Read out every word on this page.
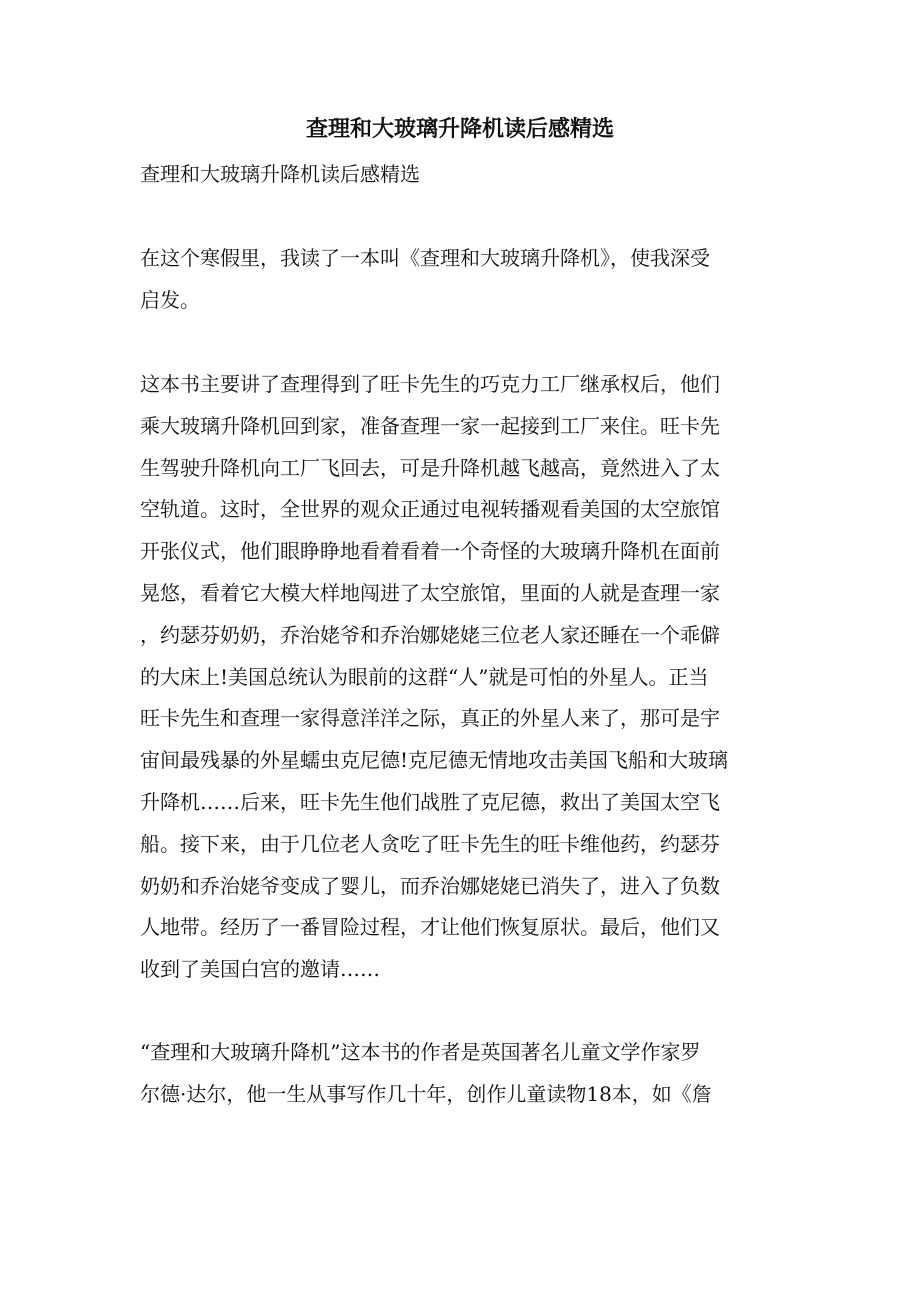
查理和大玻璃升降机读后感精选

查理和大玻璃升降机读后感精选

在这个寒假里，我读了一本叫《查理和大玻璃升降机》，使我深受
启发。
这本书主要讲了查理得到了旺卡先生的巧克力工厂继承权后，他们
乘大玻璃升降机回到家，准备查理一家一起接到工厂来住。旺卡先
生驾驶升降机向工厂飞回去，可是升降机越飞越高，竟然进入了太
空轨道。这时，全世界的观众正通过电视转播观看美国的太空旅馆
开张仪式，他们眼睁睁地看着看着一个奇怪的大玻璃升降机在面前
晃悠，看着它大模大样地闯进了太空旅馆，里面的人就是查理一家
，约瑟芬奶奶，乔治姥爷和乔治娜姥姥三位老人家还睡在一个乖僻
的大床上!美国总统认为眼前的这群“人”就是可怕的外星人。正当
旺卡先生和查理一家得意洋洋之际，真正的外星人来了，那可是宇
宙间最残暴的外星蠕虫克尼德!克尼德无情地攻击美国飞船和大玻璃
升降机……后来，旺卡先生他们战胜了克尼德，救出了美国太空飞
船。接下来，由于几位老人贪吃了旺卡先生的旺卡维他药，约瑟芬
奶奶和乔治姥爷变成了婴儿，而乔治娜姥姥已消失了，进入了负数
人地带。经历了一番冒险过程，才让他们恢复原状。最后，他们又
收到了美国白宫的邀请……
“查理和大玻璃升降机”这本书的作者是英国著名儿童文学作家罗
尔德·达尔，他一生从事写作几十年，创作儿童读物18本，如《詹
